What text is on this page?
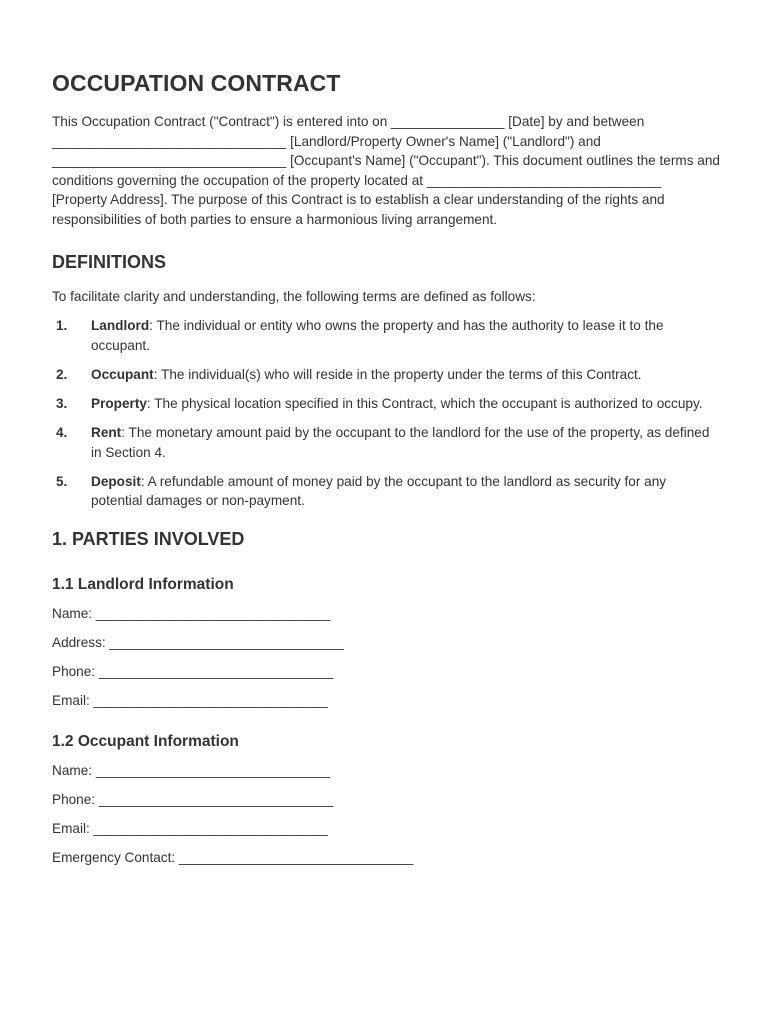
OCCUPATION CONTRACT

This Occupation Contract ("Contract") is entered into on _______________ [Date] by and between _______________________________ [Landlord/Property Owner's Name] ("Landlord") and _______________________________ [Occupant's Name] ("Occupant"). This document outlines the terms and conditions governing the occupation of the property located at _______________________________ [Property Address]. The purpose of this Contract is to establish a clear understanding of the rights and responsibilities of both parties to ensure a harmonious living arrangement.

DEFINITIONS

To facilitate clarity and understanding, the following terms are defined as follows:

1. Landlord: The individual or entity who owns the property and has the authority to lease it to the occupant.
2. Occupant: The individual(s) who will reside in the property under the terms of this Contract.
3. Property: The physical location specified in this Contract, which the occupant is authorized to occupy.
4. Rent: The monetary amount paid by the occupant to the landlord for the use of the property, as defined in Section 4.
5. Deposit: A refundable amount of money paid by the occupant to the landlord as security for any potential damages or non-payment.
1. PARTIES INVOLVED
1.1 Landlord Information
Name: _______________________________
Address: _______________________________
Phone: _______________________________
Email: _______________________________
1.2 Occupant Information
Name: _______________________________
Phone: _______________________________
Email: _______________________________
Emergency Contact: _______________________________
